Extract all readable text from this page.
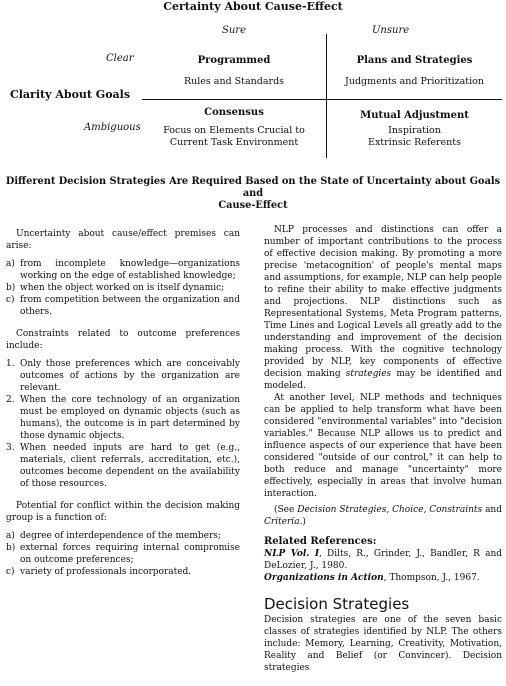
Certainty About Cause-Effect
Sure	Unsure
Clear
Clarity About Goals
Ambiguous
Programmed
Rules and Standards
Plans and Strategies
Judgments and Prioritization
Consensus
Focus on Elements Crucial to
Current Task Environment
Mutual Adjustment
Inspiration
Extrinsic Referents
Different Decision Strategies Are Required Based on the State of Uncertainty about Goals and
Cause-Effect

Uncertainty about cause/effect premises can arise:

a) from incomplete knowledge—organizations working on the edge of established knowledge;
b) when the object worked on is itself dynamic;
c) from competition between the organization and others.

Constraints related to outcome preferences include:

1. Only those preferences which are conceivably outcomes of actions by the organization are relevant.
2. When the core technology of an organization must be employed on dynamic objects (such as humans), the outcome is in part determined by those dynamic objects.
3. When needed inputs are hard to get (e.g., materials, client referrals, accreditation, etc.), outcomes become dependent on the availability of those resources.

Potential for conflict within the decision making group is a function of:

a) degree of interdependence of the members;
b) external forces requiring internal compromise on outcome preferences;
c) variety of professionals incorporated.

NLP processes and distinctions can offer a number of important contributions to the process of effective decision making. By promoting a more precise 'metacognition' of people's mental maps and assumptions, for example, NLP can help people to refine their ability to make effective judgments and projections. NLP distinctions such as Representational Systems, Meta Program patterns, Time Lines and Logical Levels all greatly add to the understanding and improvement of the decision making process. With the cognitive technology provided by NLP, key components of effective decision making strategies may be identified and modeled.

At another level, NLP methods and techniques can be applied to help transform what have been considered "environmental variables" into "decision variables." Because NLP allows us to predict and influence aspects of our experience that have been considered "outside of our control," it can help to both reduce and manage "uncertainty" more effectively, especially in areas that involve human interaction.

(See Decision Strategies, Choice, Constraints and Criteria.)

Related References:

NLP Vol. I, Dilts, R., Grinder, J., Bandler, R and DeLozier, J., 1980.

Organizations in Action, Thompson, J., 1967.

Decision Strategies

Decision strategies are one of the seven basic classes of strategies identified by NLP. The others include: Memory, Learning, Creativity, Motivation, Reality and Belief (or Convincer). Decision strategies
